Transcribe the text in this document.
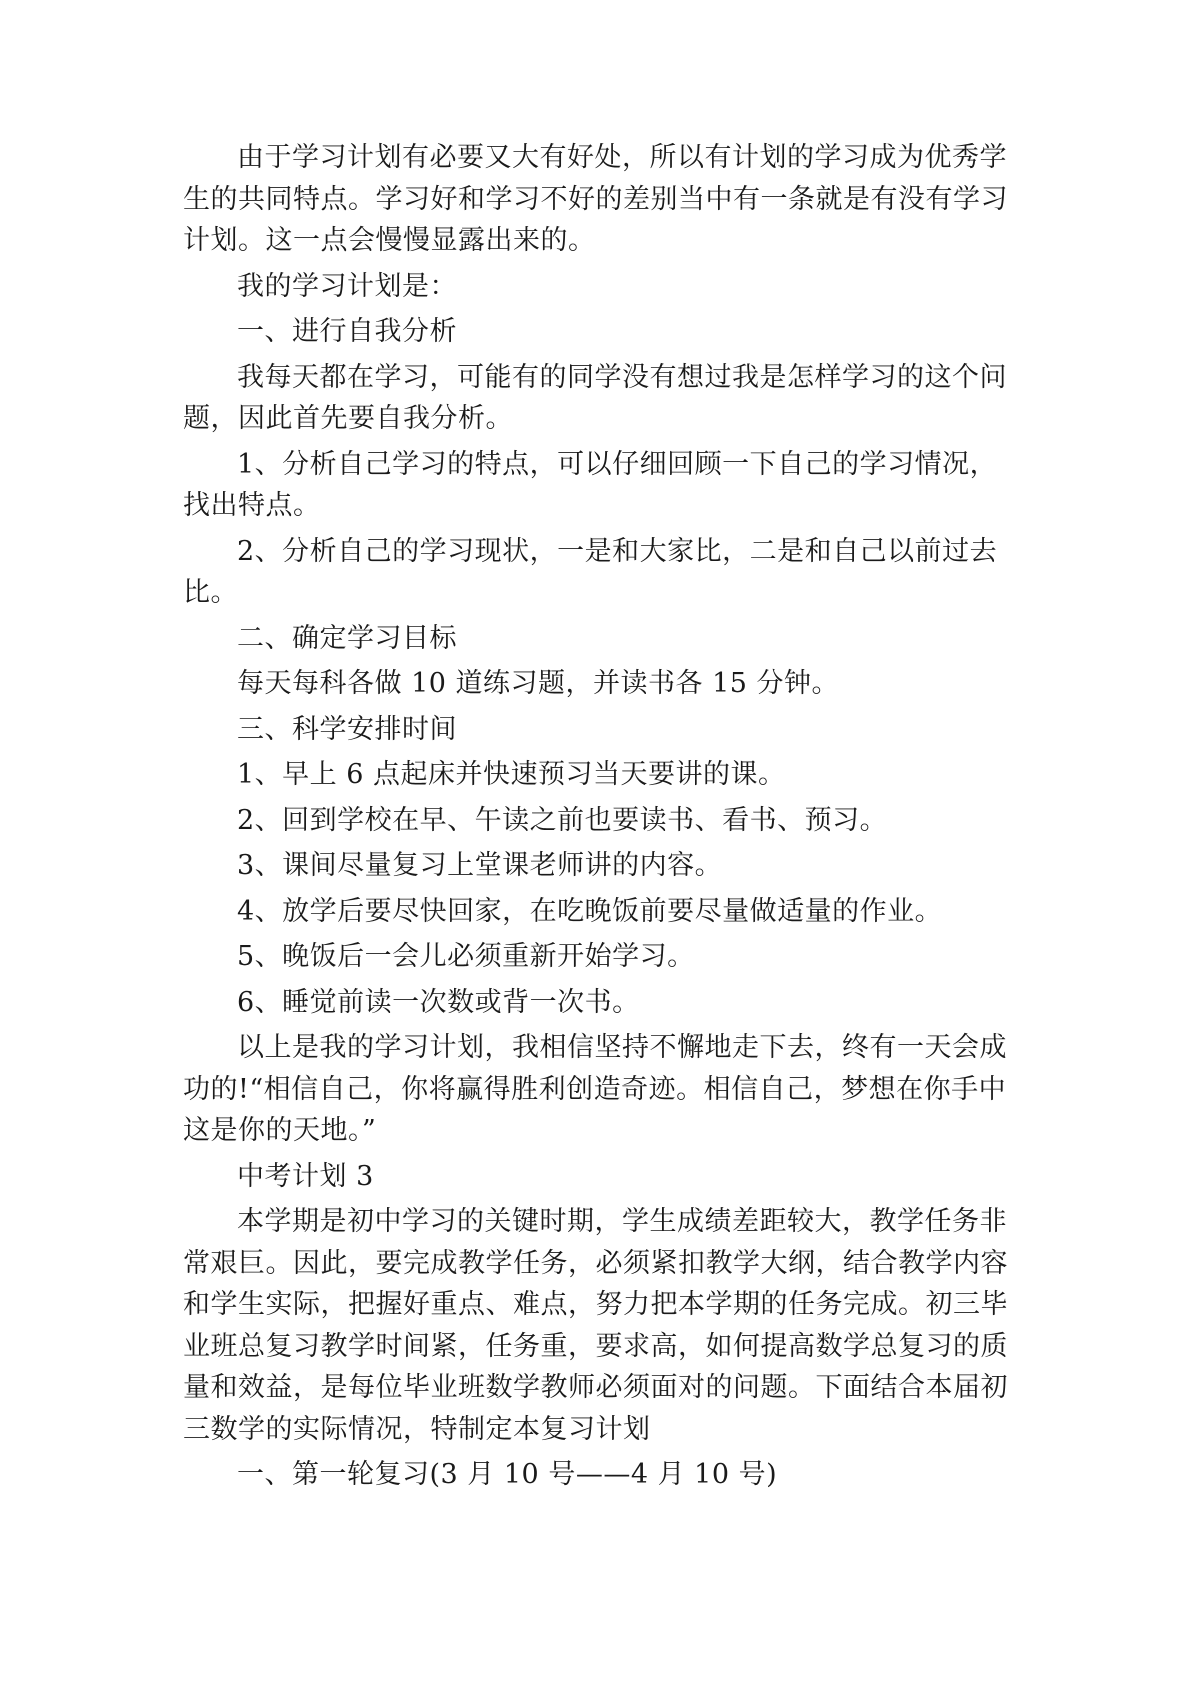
由于学习计划有必要又大有好处，所以有计划的学习成为优秀学生的共同特点。学习好和学习不好的差别当中有一条就是有没有学习计划。这一点会慢慢显露出来的。

我的学习计划是：

一、进行自我分析

我每天都在学习，可能有的同学没有想过我是怎样学习的这个问题，因此首先要自我分析。

1、分析自己学习的特点，可以仔细回顾一下自己的学习情况，找出特点。

2、分析自己的学习现状，一是和大家比，二是和自己以前过去比。

二、确定学习目标

每天每科各做 10 道练习题，并读书各 15 分钟。

三、科学安排时间

1、早上 6 点起床并快速预习当天要讲的课。

2、回到学校在早、午读之前也要读书、看书、预习。

3、课间尽量复习上堂课老师讲的内容。

4、放学后要尽快回家，在吃晚饭前要尽量做适量的作业。

5、晚饭后一会儿必须重新开始学习。

6、睡觉前读一次数或背一次书。

以上是我的学习计划，我相信坚持不懈地走下去，终有一天会成功的!“相信自己，你将赢得胜利创造奇迹。相信自己，梦想在你手中这是你的天地。”

中考计划 3

本学期是初中学习的关键时期，学生成绩差距较大，教学任务非常艰巨。因此，要完成教学任务，必须紧扣教学大纲，结合教学内容和学生实际，把握好重点、难点，努力把本学期的任务完成。初三毕业班总复习教学时间紧，任务重，要求高，如何提高数学总复习的质量和效益，是每位毕业班数学教师必须面对的问题。下面结合本届初三数学的实际情况，特制定本复习计划

一、第一轮复习(3 月 10 号——4 月 10 号)
